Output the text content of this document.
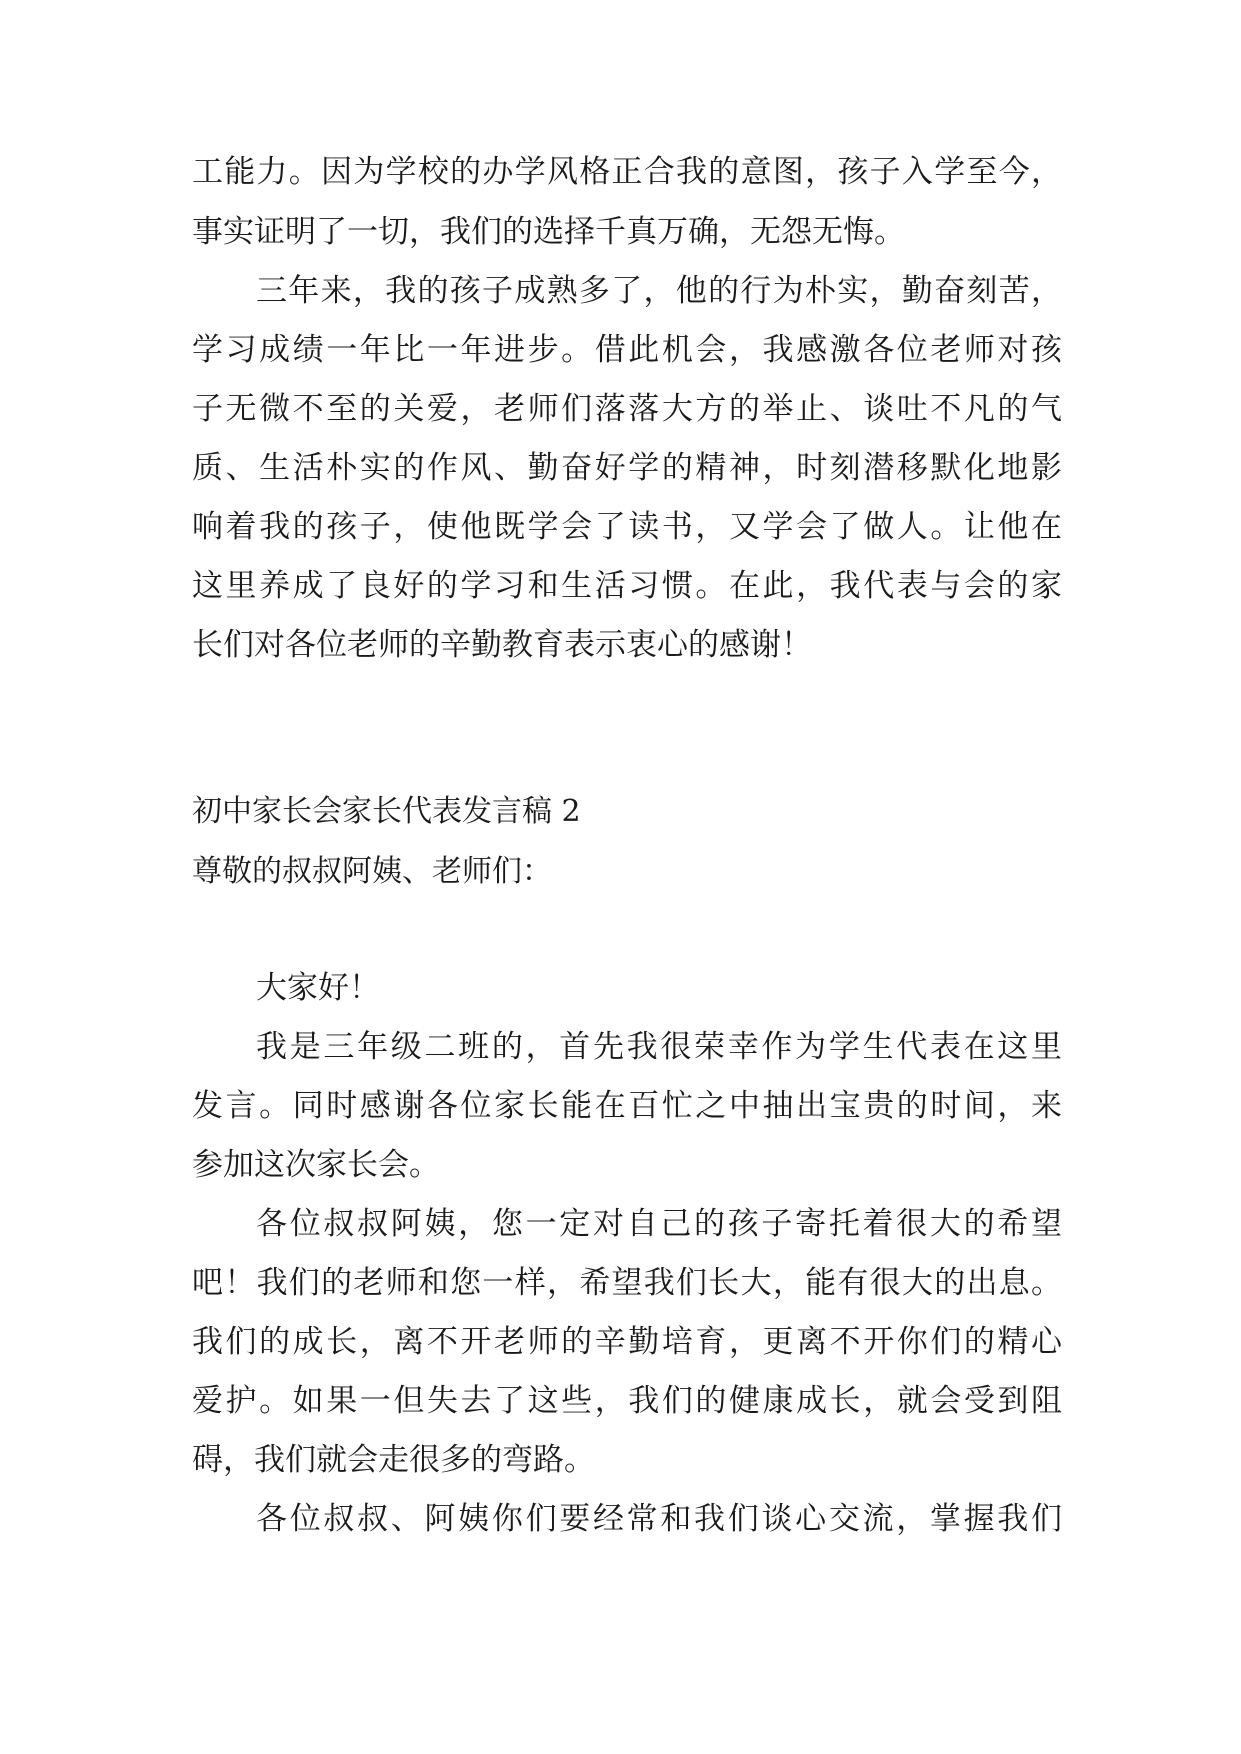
工能力。因为学校的办学风格正合我的意图，孩子入学至今，
事实证明了一切，我们的选择千真万确，无怨无悔。
三年来，我的孩子成熟多了，他的行为朴实，勤奋刻苦，
学习成绩一年比一年进步。借此机会，我感激各位老师对孩
子无微不至的关爱，老师们落落大方的举止、谈吐不凡的气
质、生活朴实的作风、勤奋好学的精神，时刻潜移默化地影
响着我的孩子，使他既学会了读书，又学会了做人。让他在
这里养成了良好的学习和生活习惯。在此，我代表与会的家
长们对各位老师的辛勤教育表示衷心的感谢！
初中家长会家长代表发言稿 2
尊敬的叔叔阿姨、老师们：
大家好！
我是三年级二班的，首先我很荣幸作为学生代表在这里
发言。同时感谢各位家长能在百忙之中抽出宝贵的时间，来
参加这次家长会。
各位叔叔阿姨，您一定对自己的孩子寄托着很大的希望
吧！我们的老师和您一样，希望我们长大，能有很大的出息。
我们的成长，离不开老师的辛勤培育，更离不开你们的精心
爱护。如果一但失去了这些，我们的健康成长，就会受到阻
碍，我们就会走很多的弯路。
各位叔叔、阿姨你们要经常和我们谈心交流，掌握我们
